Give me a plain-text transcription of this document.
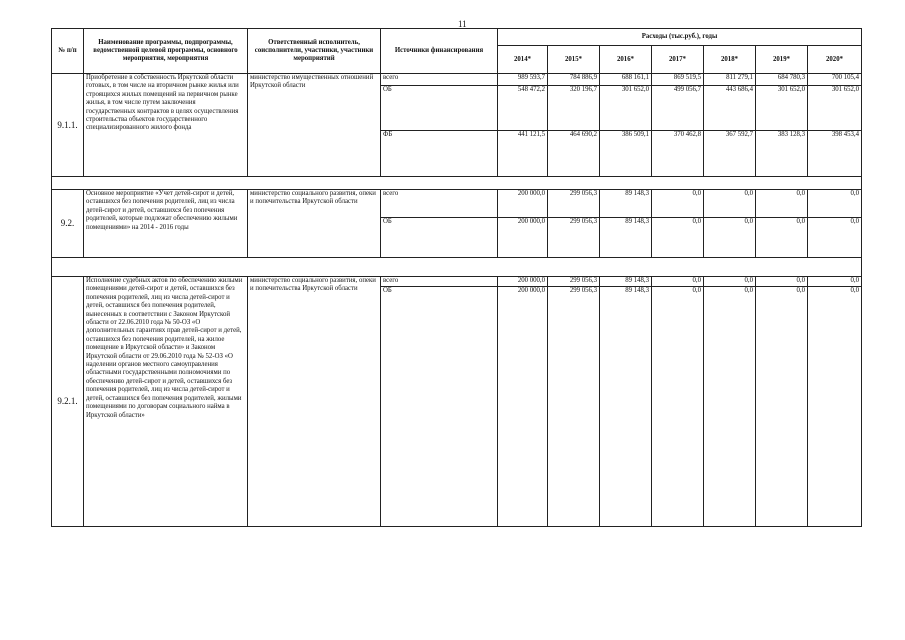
11
№ п/п	Наименование программы, подпрограммы, ведомственной целевой программы, основного мероприятия, мероприятия	Ответственный исполнитель, соисполнители, участники, участники мероприятий	Источники финансирования	Расходы (тыс.руб.), годы						
				2014*	2015*	2016*	2017*	2018*	2019*	2020*
9.1.1.	Приобретение в собственность Иркутской области готовых, в том числе на вторичном рынке жилья или строящихся жилых помещений на первичном рынке жилья, в том числе путем заключения государственных контрактов в целях осуществления строительства объектов государственного специализированного жилого фонда	министерство имущественных отношений Иркутской области	всего	989 593,7	784 886,9	688 161,1	869 519,5	811 279,1	684 780,3	700 105,4
			ОБ	548 472,2	320 196,7	301 652,0	499 056,7	443 686,4	301 652,0	301 652,0
			ФБ	441 121,5	464 690,2	386 509,1	370 462,8	367 592,7	383 128,3	398 453,4

9.2.	Основное мероприятие «Учет детей-сирот и детей, оставшихся без попечения родителей, лиц из числа детей-сирот и детей, оставшихся без попечения родителей, которые подлежат обеспечению жилыми помещениями» на 2014 - 2016 годы	министерство социального развития, опеки и попечительства Иркутской области	всего	200 000,0	299 056,3	89 148,3	0,0	0,0	0,0	0,0
			ОБ	200 000,0	299 056,3	89 148,3	0,0	0,0	0,0	0,0

9.2.1.	Исполнение судебных актов по обеспечению жилыми помещениями детей-сирот и детей, оставшихся без попечения родителей, лиц из числа детей-сирот и детей, оставшихся без попечения родителей, вынесенных в соответствии с Законом Иркутской области от 22.06.2010 года № 50-ОЗ «О дополнительных гарантиях прав детей-сирот и детей, оставшихся без попечения родителей, на жилое помещение в Иркутской области» и Законом Иркутской области от 29.06.2010 года № 52-ОЗ «О наделении органов местного самоуправления областными государственными полномочиями по обеспечению детей-сирот и детей, оставшихся без попечения родителей, лиц из числа детей-сирот и детей, оставшихся без попечения родителей, жилыми помещениями по договорам социального найма в Иркутской области»	министерство социального развития, опеки и попечительства Иркутской области	всего	200 000,0	299 056,3	89 148,3	0,0	0,0	0,0	0,0
			ОБ	200 000,0	299 056,3	89 148,3	0,0	0,0	0,0	0,0
